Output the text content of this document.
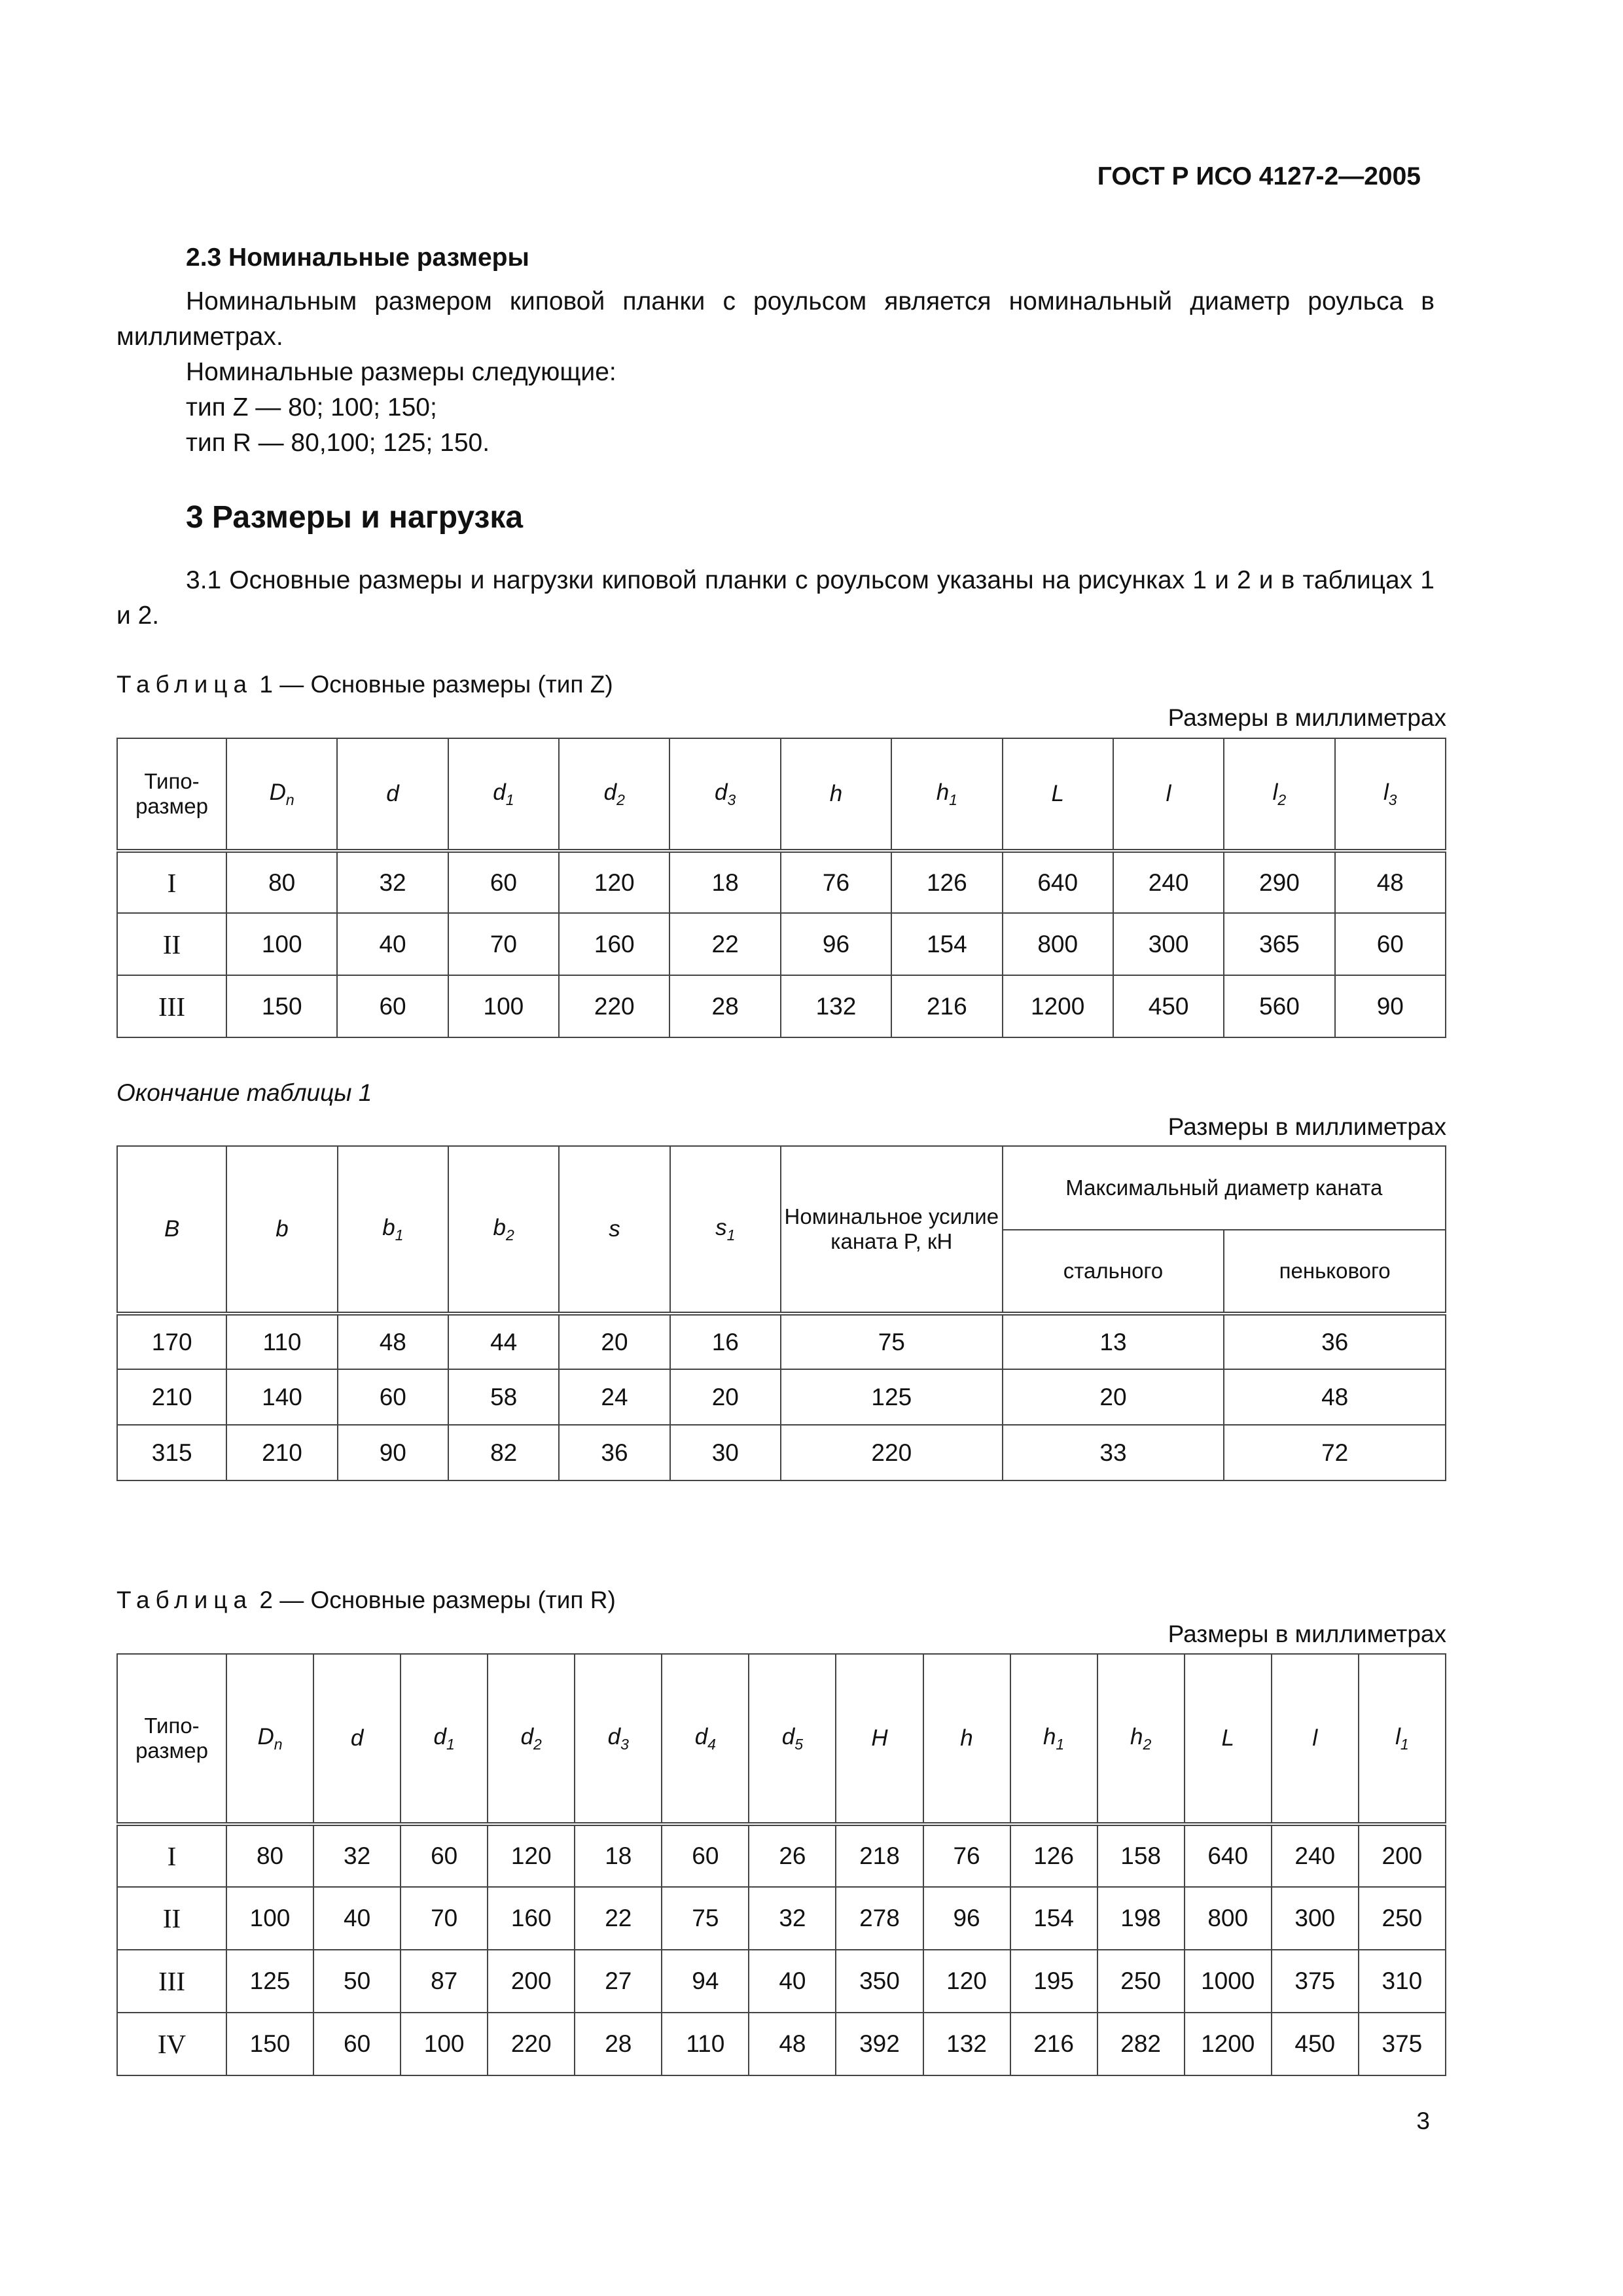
ГОСТ Р ИСО 4127-2—2005
2.3 Номинальные размеры
Номинальным размером киповой планки с роульсом является номинальный диаметр роульса в миллиметрах.
Номинальные размеры следующие:
тип Z — 80; 100; 150;
тип R — 80,100; 125; 150.
3 Размеры и нагрузка
3.1 Основные размеры и нагрузки киповой планки с роульсом указаны на рисунках 1 и 2 и в таблицах 1 и 2.
Таблица 1 — Основные размеры (тип Z)
Размеры в миллиметрах
Типо-размер	$D_n$	d	$d_1$	$d_2$	$d_3$	h	$h_1$	L	l	$l_2$	$l_3$
I	80	32	60	120	18	76	126	640	240	290	48
II	100	40	70	160	22	96	154	800	300	365	60
III	150	60	100	220	28	132	216	1200	450	560	90
Окончание таблицы 1
Размеры в миллиметрах
B	b	$b_1$	$b_2$	s	$s_1$	Номинальное усилие каната P, кН	Максимальный диаметр каната	
							стального	пенькового
170	110	48	44	20	16	75	13	36
210	140	60	58	24	20	125	20	48
315	210	90	82	36	30	220	33	72
Таблица 2 — Основные размеры (тип R)
Размеры в миллиметрах
Типо-размер	$D_n$	d	$d_1$	$d_2$	$d_3$	$d_4$	$d_5$	H	h	$h_1$	$h_2$	L	l	$l_1$
I	80	32	60	120	18	60	26	218	76	126	158	640	240	200
II	100	40	70	160	22	75	32	278	96	154	198	800	300	250
III	125	50	87	200	27	94	40	350	120	195	250	1000	375	310
IV	150	60	100	220	28	110	48	392	132	216	282	1200	450	375
3
